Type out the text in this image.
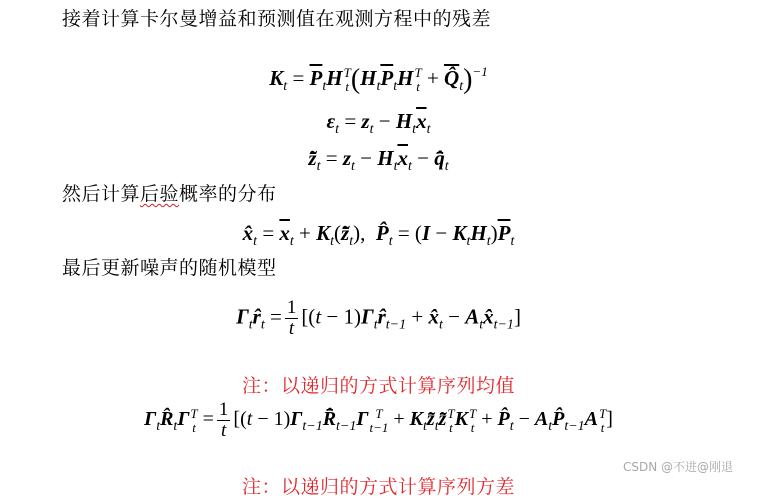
接着计算卡尔曼增益和预测值在观测方程中的残差

$K_t = \overline{P}_tH$ T
t ($H_t\overline{P}_tH$ T
$t + Q̂_t)^{-1}$
$\varepsilon_t = z_t - H_t\overline{x}_t$
$z̃̄_t = z_t - H_t\overline{x}_t$ − $q̂̄_t$

然后计算后验概率的分布

$x̂_t = \overline{x}_t$ + $K_t(z̃̄_t)$,  $P̂_t = (I - K_tH_t)\overline{P}_t$

最后更新噪声的随机模型

$\Gamma_tr̂_t = \frac{1}{t} [(t$ − $1)\Gamma_tr̂_{t-1}$ + $x̂_t$ − $A_tx̂_{t-1}$]

注：以递归的方式计算序列均值

$\Gamma_tR̂_t\Gamma$ T
$t = \frac{1}{t} [(t$ − $1)\Gamma_{t-1}R̂̄_{t-1}\Gamma$ T
$t-1 + K_tz̃̄_tz̃̄$ T
t K T
$t + P̂_t$ − $A_tP̂_{t-1}A$ T
t ]

注：以递归的方式计算序列方差

CSDN @不进@刚退
